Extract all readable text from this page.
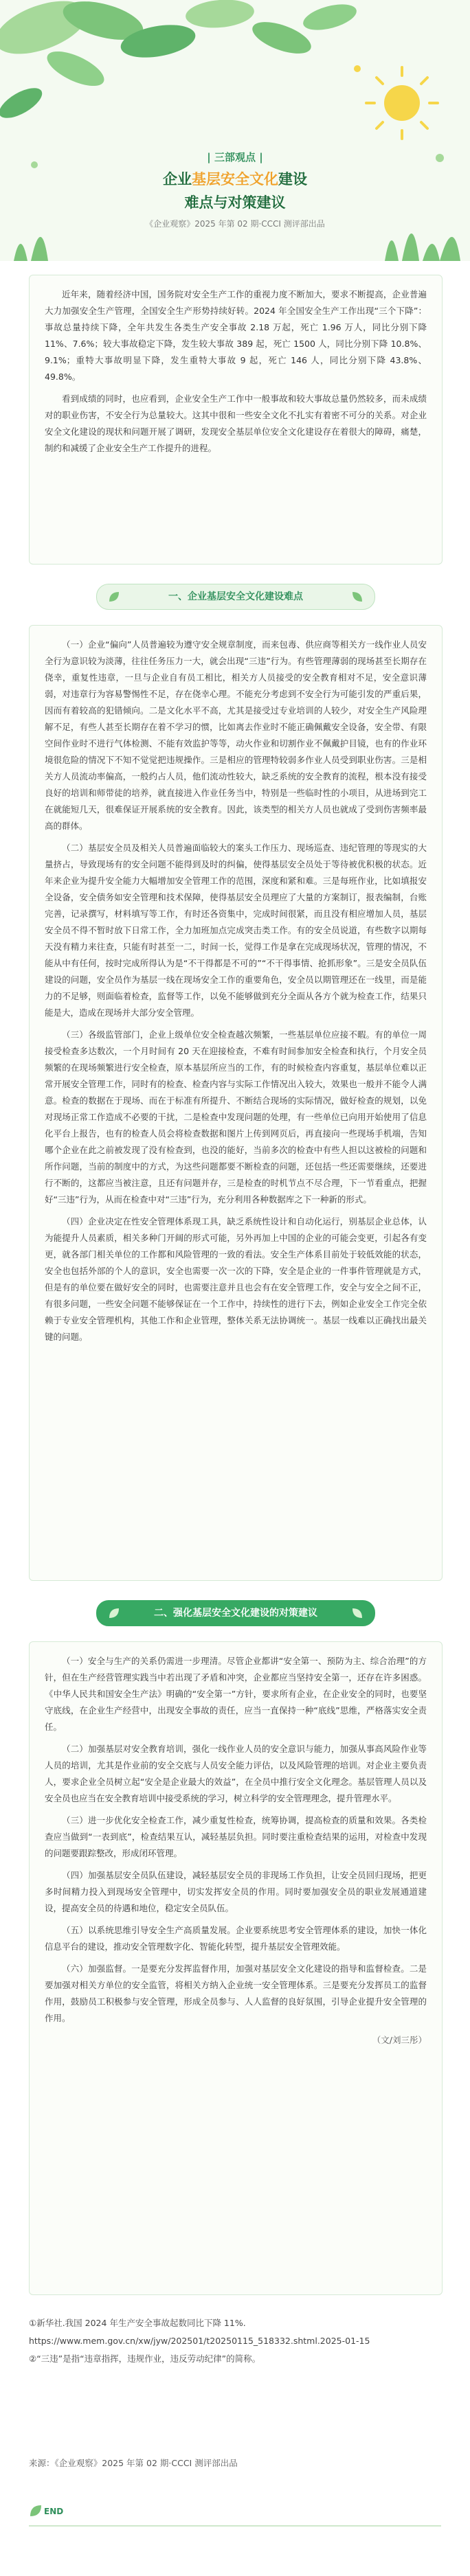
| 三部观点 |
企业基层安全文化建设
难点与对策建议
《企业观察》2025 年第 02 期·CCCI 测评部出品

近年来，随着经济中国，国务院对安全生产工作的重视力度不断加大，要求不断提高，企业普遍大力加强安全生产管理，全国安全生产形势持续好转。2024 年全国安全生产工作出现“三个下降”：事故总量持续下降，全年共发生各类生产安全事故 2.18 万起，死亡 1.96 万人，同比分别下降 11%、7.6%；较大事故稳定下降，发生较大事故 389 起，死亡 1500 人，同比分别下降 10.8%、9.1%；重特大事故明显下降，发生重特大事故 9 起，死亡 146 人，同比分别下降 43.8%、49.8%。

看到成绩的同时，也应看到，企业安全生产工作中一般事故和较大事故总量仍然较多，而未成绩对的职业伤害，不安全行为总量较大。这其中很和一些安全文化不扎实有着密不可分的关系。对企业安全文化建设的现状和问题开展了调研，发现安全基层单位安全文化建设存在着很大的障碍，痛楚，制约和减缓了企业安全生产工作提升的进程。

一、企业基层安全文化建设难点

（一）企业“偏向”人员普遍较为遵守安全规章制度，而来包毒、供应商等相关方一线作业人员安全行为意识较为淡薄，往往任务压力一大，就会出现“三违”行为。有些管理薄弱的现场甚至长期存在侥幸，重复性违章，一旦与企业自有员工相比，相关方人员接受的安全教育相对不足，安全意识薄弱，对违章行为容易警惕性不足，存在侥幸心理。不能充分考虑到不安全行为可能引发的严重后果，因而有着较高的犯错倾向。二是文化水平不高，尤其是接受过专业培训的人较少，对安全生产风险理解不足，有些人甚至长期存在着不学习的惯，比如离去作业时不能正确佩戴安全设备，安全带、有限空间作业时不进行气体检测、不能有效监护等等，动火作业和切割作业不佩戴护目镜，也有的作业环境很危险的情况下不知不觉觉把违规操作。三是相应的管理特较弱多作业人员受到职业伤害。三是相关方人员流动率偏高，一般约占人员，他们流动性较大，缺乏系统的安全教育的流程，根本没有接受良好的培训和师带徒的培养，就直接进入作业任务当中，特别是一些临时性的小项目，从进场到完工在就能短几天，很难保证开展系统的安全教育。因此，该类型的相关方人员也就成了受到伤害频率最高的群体。

（二）基层安全员及相关人员普遍面临较大的案头工作压力、现场巡查、违纪管理的等现实的大量挤占，导致现场有的安全问题不能得到及时的纠偏，使得基层安全员处于等待被优积极的状态。近年来企业为提升安全能力大幅增加安全管理工作的范围，深度和紧和难。三是每班作业，比如填报安全设备，安全债务如安全管理和技术保障，使得基层安全员理应了大量的方案制订，报表编制，台账完善，记录撰写，材料填写等工作，有时还各资集中，完成时间很紧，而且没有相应增加人员，基层安全员不得不暂时放下日常工作，全力加班加点完成突击类工作。有的安全员说道，有些数字以期每天没有精力来往查，只能有时甚至一二，时间一长，觉得工作是拿在完成现场状况，管理的情况，不能从中有任何，按时完成所得认为是“不干得都是不可的”“不干得事情、抢抓形象”。三是安全员队伍建设的问题，安全员作为基层一线在现场安全工作的重要角色，安全员以期管理还在一线里，而是能力的不足够，则面临着检查，监督等工作，以免不能够做到充分全面从各方个就为检查工作，结果只能是大，造成在现场并大部分安全管理。

（三）各级监管部门，企业上级单位安全检查越次频繁，一些基层单位应接不暇。有的单位一周接受检查多达数次，一个月时间有 20 天在迎接检查，不难有时间参加安全检查和执行，个月安全员频繁的在现场频繁进行安全检查，原本基层所应当的工作，有的时候检查内容重复，基层单位难以正常开展安全管理工作，同时有的检查、检查内容与实际工作情况出入较大，效果也一般并不能令人满意。检查的数据在于现场、而在于标准有所提升、不断结合现场的实际情况，做好检查的规划，以免对现场正常工作造成不必要的干扰，二是检查中发现问题的处理，有一些单位已向用开始使用了信息化平台上报告，也有的检查人员会将检查数据和图片上传到网页后，再直接向一些现场手机端，告知哪个企业在此之前被发现了没有检查到，也没的能好，当前多次的检查中有些人担以这被检的问题和所作问题，当前的制度中的方式，为这些问题都要不断检查的问题，还包括一些还需要继续，还要进行不断的，这都应当被注意，且还有问题并存，三是检查的时机节点不尽合理，下一节看重点，把握好“三违”行为，从而在检查中对“三违”行为，充分利用各种数据库之下一种新的形式。

（四）企业决定在性安全管理体系现工具，缺乏系统性设计和自动化运行，别基层企业总体，认为能提升人员素质，相关多种门开阔的形式可能，另外再加上中国的企业的可能会变更，引起各有变更，就各部门相关单位的工作都和风险管理的一致的看法。安全生产体系目前处于较低效能的状态，安全也包括外部的个人的意识，安全也需要一次一次的下降，安全是企业的一件事件管理就是方式，但是有的单位要在做好安全的同时，也需要注意并且也会有在安全管理工作，安全与安全之间不正，有很多问题，一些安全问题不能够保证在一个工作中，持续性的进行下去，例如企业安全工作完全依赖于专业安全管理机构，其他工作和企业管理，整体关系无法协调统一。基层一线难以正确找出最关键的问题。

二、强化基层安全文化建设的对策建议

（一）安全与生产的关系仍需进一步理清。尽管企业都讲“安全第一、预防为主、综合治理”的方针，但在生产经营管理实践当中若出现了矛盾和冲突，企业都应当坚持安全第一，还存在许多困惑。《中华人民共和国安全生产法》明确的“安全第一”方针，要求所有企业，在企业安全的同时，也要坚守底线，在企业生产经营中，出现安全事故的责任，应当一直保持一种“底线”思维，严格落实安全责任。

（二）加强基层对安全教育培训，强化一线作业人员的安全意识与能力，加强从事高风险作业等人员的培训，尤其是作业前的安全交底与人员安全能力评估，以及风险管理的培训。对企业主要负责人，要求企业全员树立起“安全是企业最大的效益”，在全员中推行安全文化理念。基层管理人员以及安全员也应当在安全教育培训中接受系统的学习，树立科学的安全管理理念，提升管理水平。

（三）进一步优化安全检查工作，减少重复性检查，统筹协调，提高检查的质量和效果。各类检查应当做到“一表到底”，检查结果互认，减轻基层负担。同时要注重检查结果的运用，对检查中发现的问题要跟踪整改，形成闭环管理。

（四）加强基层安全员队伍建设，减轻基层安全员的非现场工作负担，让安全员回归现场，把更多时间精力投入到现场安全管理中，切实发挥安全员的作用。同时要加强安全员的职业发展通道建设，提高安全员的待遇和地位，稳定安全员队伍。

（五）以系统思维引导安全生产高质量发展。企业要系统思考安全管理体系的建设，加快一体化信息平台的建设，推动安全管理数字化、智能化转型，提升基层安全管理效能。

（六）加强监督。一是要充分发挥监督作用，加强对基层安全文化建设的指导和监督检查。二是要加强对相关方单位的安全监管，将相关方纳入企业统一安全管理体系。三是要充分发挥员工的监督作用，鼓励员工积极参与安全管理，形成全员参与、人人监督的良好氛围，引导企业提升安全管理的作用。

（文/刘三彤）

①新华社.我国 2024 年生产安全事故起数同比下降 11%.

https://www.mem.gov.cn/xw/jyw/202501/t20250115_518332.shtml.2025-01-15

②“三违”是指“违章指挥，违规作业，违反劳动纪律”的简称。

来源：《企业观察》2025 年第 02 期·CCCI 测评部出品
END
